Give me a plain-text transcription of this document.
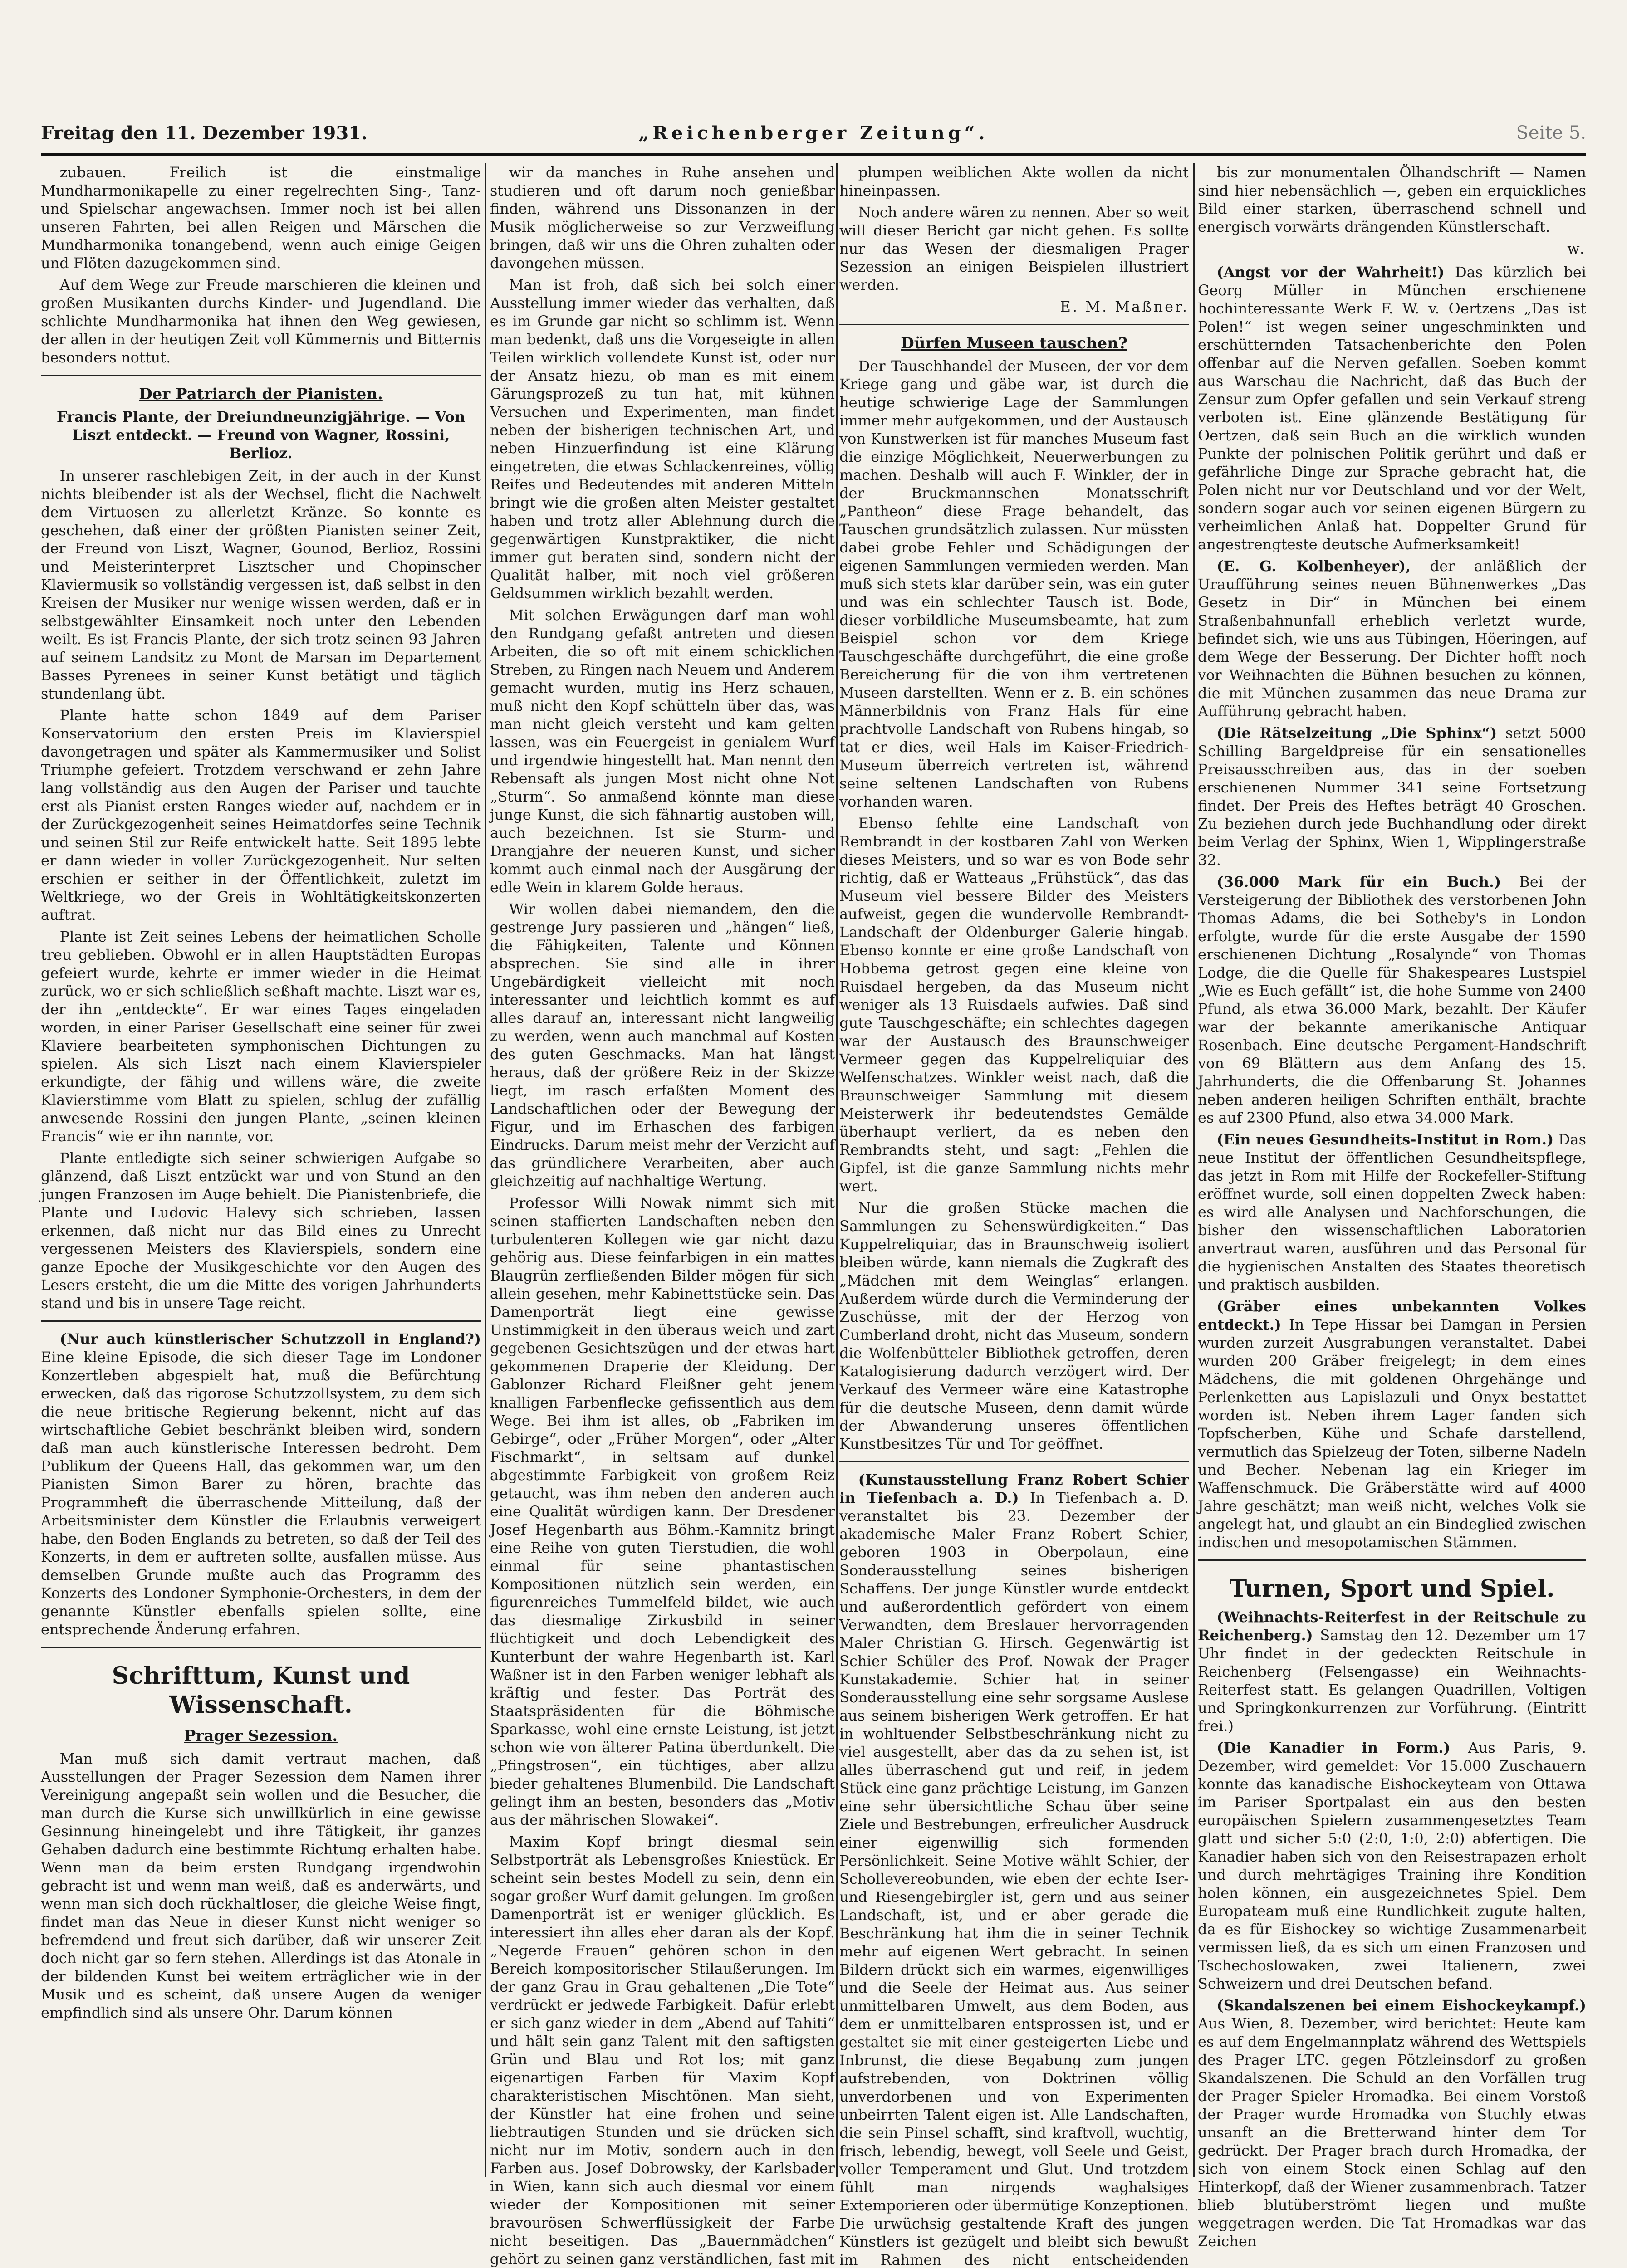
Freitag den 11. Dezember 1931.	„Reichenberger Zeitung“.	Seite 5.

zubauen. Freilich ist die einstmalige Mundharmonikapelle zu einer regelrechten Sing-, Tanz- und Spielschar angewachsen. Immer noch ist bei allen unseren Fahrten, bei allen Reigen und Märschen die Mundharmonika tonangebend, wenn auch einige Geigen und Flöten dazugekommen sind.

Auf dem Wege zur Freude marschieren die kleinen und großen Musikanten durchs Kinder- und Jugendland. Die schlichte Mundharmonika hat ihnen den Weg gewiesen, der allen in der heutigen Zeit voll Kümmernis und Bitternis besonders nottut.

Der Patriarch der Pianisten.
Francis Plante, der Dreiundneunzigjährige. — Von Liszt entdeckt. — Freund von Wagner, Rossini, Berlioz.

In unserer raschlebigen Zeit, in der auch in der Kunst nichts bleibender ist als der Wechsel, flicht die Nachwelt dem Virtuosen zu allerletzt Kränze. So konnte es geschehen, daß einer der größten Pianisten seiner Zeit, der Freund von Liszt, Wagner, Gounod, Berlioz, Rossini und Meisterinterpret Lisztscher und Chopinscher Klaviermusik so vollständig vergessen ist, daß selbst in den Kreisen der Musiker nur wenige wissen werden, daß er in selbstgewählter Einsamkeit noch unter den Lebenden weilt. Es ist Francis Plante, der sich trotz seinen 93 Jahren auf seinem Landsitz zu Mont de Marsan im Departement Basses Pyrenees in seiner Kunst betätigt und täglich stundenlang übt.

Plante hatte schon 1849 auf dem Pariser Konservatorium den ersten Preis im Klavierspiel davongetragen und später als Kammermusiker und Solist Triumphe gefeiert. Trotzdem verschwand er zehn Jahre lang vollständig aus den Augen der Pariser und tauchte erst als Pianist ersten Ranges wieder auf, nachdem er in der Zurückgezogenheit seines Heimatdorfes seine Technik und seinen Stil zur Reife entwickelt hatte. Seit 1895 lebte er dann wieder in voller Zurückgezogenheit. Nur selten erschien er seither in der Öffentlichkeit, zuletzt im Weltkriege, wo der Greis in Wohltätigkeitskonzerten auftrat.

Plante ist Zeit seines Lebens der heimatlichen Scholle treu geblieben. Obwohl er in allen Hauptstädten Europas gefeiert wurde, kehrte er immer wieder in die Heimat zurück, wo er sich schließlich seßhaft machte. Liszt war es, der ihn „entdeckte“. Er war eines Tages eingeladen worden, in einer Pariser Gesellschaft eine seiner für zwei Klaviere bearbeiteten symphonischen Dichtungen zu spielen. Als sich Liszt nach einem Klavierspieler erkundigte, der fähig und willens wäre, die zweite Klavierstimme vom Blatt zu spielen, schlug der zufällig anwesende Rossini den jungen Plante, „seinen kleinen Francis“ wie er ihn nannte, vor.

Plante entledigte sich seiner schwierigen Aufgabe so glänzend, daß Liszt entzückt war und von Stund an den jungen Franzosen im Auge behielt. Die Pianistenbriefe, die Plante und Ludovic Halevy sich schrieben, lassen erkennen, daß nicht nur das Bild eines zu Unrecht vergessenen Meisters des Klavierspiels, sondern eine ganze Epoche der Musikgeschichte vor den Augen des Lesers ersteht, die um die Mitte des vorigen Jahrhunderts stand und bis in unsere Tage reicht.

(Nur auch künstlerischer Schutzzoll in England?) Eine kleine Episode, die sich dieser Tage im Londoner Konzertleben abgespielt hat, muß die Befürchtung erwecken, daß das rigorose Schutzzollsystem, zu dem sich die neue britische Regierung bekennt, nicht auf das wirtschaftliche Gebiet beschränkt bleiben wird, sondern daß man auch künstlerische Interessen bedroht. Dem Publikum der Queens Hall, das gekommen war, um den Pianisten Simon Barer zu hören, brachte das Programmheft die überraschende Mitteilung, daß der Arbeitsminister dem Künstler die Erlaubnis verweigert habe, den Boden Englands zu betreten, so daß der Teil des Konzerts, in dem er auftreten sollte, ausfallen müsse. Aus demselben Grunde mußte auch das Programm des Konzerts des Londoner Symphonie-Orchesters, in dem der genannte Künstler ebenfalls spielen sollte, eine entsprechende Änderung erfahren.

Schrifttum, Kunst und Wissenschaft.
Prager Sezession.

Man muß sich damit vertraut machen, daß Ausstellungen der Prager Sezession dem Namen ihrer Vereinigung angepaßt sein wollen und die Besucher, die man durch die Kurse sich unwillkürlich in eine gewisse Gesinnung hineingelebt und ihre Tätigkeit, ihr ganzes Gehaben dadurch eine bestimmte Richtung erhalten habe. Wenn man da beim ersten Rundgang irgendwohin gebracht ist und wenn man weiß, daß es anderwärts, und wenn man sich doch rückhaltloser, die gleiche Weise fingt, findet man das Neue in dieser Kunst nicht weniger so befremdend und freut sich darüber, daß wir unserer Zeit doch nicht gar so fern stehen. Allerdings ist das Atonale in der bildenden Kunst bei weitem erträglicher wie in der Musik und es scheint, daß unsere Augen da weniger empfindlich sind als unsere Ohr. Darum können

wir da manches in Ruhe ansehen und studieren und oft darum noch genießbar finden, während uns Dissonanzen in der Musik möglicherweise so zur Verzweiflung bringen, daß wir uns die Ohren zuhalten oder davongehen müssen.

Man ist froh, daß sich bei solch einer Ausstellung immer wieder das verhalten, daß es im Grunde gar nicht so schlimm ist. Wenn man bedenkt, daß uns die Vorgeseigte in allen Teilen wirklich vollendete Kunst ist, oder nur der Ansatz hiezu, ob man es mit einem Gärungsprozeß zu tun hat, mit kühnen Versuchen und Experimenten, man findet neben der bisherigen technischen Art, und neben Hinzuerfindung ist eine Klärung eingetreten, die etwas Schlackenreines, völlig Reifes und Bedeutendes mit anderen Mitteln bringt wie die großen alten Meister gestaltet haben und trotz aller Ablehnung durch die gegenwärtigen Kunstpraktiker, die nicht immer gut beraten sind, sondern nicht der Qualität halber, mit noch viel größeren Geldsummen wirklich bezahlt werden.

Mit solchen Erwägungen darf man wohl den Rundgang gefaßt antreten und diesen Arbeiten, die so oft mit einem schicklichen Streben, zu Ringen nach Neuem und Anderem gemacht wurden, mutig ins Herz schauen, muß nicht den Kopf schütteln über das, was man nicht gleich versteht und kam gelten lassen, was ein Feuergeist in genialem Wurf und irgendwie hingestellt hat. Man nennt den Rebensaft als jungen Most nicht ohne Not „Sturm“. So anmaßend könnte man diese junge Kunst, die sich fähnartig austoben will, auch bezeichnen. Ist sie Sturm- und Drangjahre der neueren Kunst, und sicher kommt auch einmal nach der Ausgärung der edle Wein in klarem Golde heraus.

Wir wollen dabei niemandem, den die gestrenge Jury passieren und „hängen“ ließ, die Fähigkeiten, Talente und Können absprechen. Sie sind alle in ihrer Ungebärdigkeit vielleicht mit noch interessanter und leichtlich kommt es auf alles darauf an, interessant nicht langweilig zu werden, wenn auch manchmal auf Kosten des guten Geschmacks. Man hat längst heraus, daß der größere Reiz in der Skizze liegt, im rasch erfaßten Moment des Landschaftlichen oder der Bewegung der Figur, und im Erhaschen des farbigen Eindrucks. Darum meist mehr der Verzicht auf das gründlichere Verarbeiten, aber auch gleichzeitig auf nachhaltige Wertung.

Professor Willi Nowak nimmt sich mit seinen staffierten Landschaften neben den turbulenteren Kollegen wie gar nicht dazu gehörig aus. Diese feinfarbigen in ein mattes Blaugrün zerfließenden Bilder mögen für sich allein gesehen, mehr Kabinettstücke sein. Das Damenporträt liegt eine gewisse Unstimmigkeit in den überaus weich und zart gegebenen Gesichtszügen und der etwas hart gekommenen Draperie der Kleidung. Der Gablonzer Richard Fleißner geht jenem knalligen Farbenflecke gefissentlich aus dem Wege. Bei ihm ist alles, ob „Fabriken im Gebirge“, oder „Früher Morgen“, oder „Alter Fischmarkt“, in seltsam auf dunkel abgestimmte Farbigkeit von großem Reiz getaucht, was ihm neben den anderen auch eine Qualität würdigen kann. Der Dresdener Josef Hegenbarth aus Böhm.-Kamnitz bringt eine Reihe von guten Tierstudien, die wohl einmal für seine phantastischen Kompositionen nützlich sein werden, ein figurenreiches Tummelfeld bildet, wie auch das diesmalige Zirkusbild in seiner flüchtigkeit und doch Lebendigkeit des Kunterbunt der wahre Hegenbarth ist. Karl Waßner ist in den Farben weniger lebhaft als kräftig und fester. Das Porträt des Staatspräsidenten für die Böhmische Sparkasse, wohl eine ernste Leistung, ist jetzt schon wie von älterer Patina überdunkelt. Die „Pfingstrosen“, ein tüchtiges, aber allzu bieder gehaltenes Blumenbild. Die Landschaft gelingt ihm an besten, besonders das „Motiv aus der mährischen Slowakei“.

Maxim Kopf bringt diesmal sein Selbstporträt als Lebensgroßes Kniestück. Er scheint sein bestes Modell zu sein, denn ein sogar großer Wurf damit gelungen. Im großen Damenporträt ist er weniger glücklich. Es interessiert ihn alles eher daran als der Kopf. „Negerde Frauen“ gehören schon in den Bereich kompositorischer Stilaußerungen. Im der ganz Grau in Grau gehaltenen „Die Tote“ verdrückt er jedwede Farbigkeit. Dafür erlebt er sich ganz wieder in dem „Abend auf Tahiti“ und hält sein ganz Talent mit den saftigsten Grün und Blau und Rot los; mit ganz eigenartigen Farben für Maxim Kopf charakteristischen Mischtönen. Man sieht, der Künstler hat eine frohen und seine liebtrautigen Stunden und sie drücken sich nicht nur im Motiv, sondern auch in den Farben aus. Josef Dobrowsky, der Karlsbader in Wien, kann sich auch diesmal vor einem wieder der Kompositionen mit seiner bravourösen Schwerflüssigkeit der Farbe nicht beseitigen. Das „Bauernmädchen“ gehört zu seinen ganz verständlichen, fast mit

plumpen weiblichen Akte wollen da nicht hineinpassen.

Noch andere wären zu nennen. Aber so weit will dieser Bericht gar nicht gehen. Es sollte nur das Wesen der diesmaligen Prager Sezession an einigen Beispielen illustriert werden.

E. M. Maßner.
Dürfen Museen tauschen?

Der Tauschhandel der Museen, der vor dem Kriege gang und gäbe war, ist durch die heutige schwierige Lage der Sammlungen immer mehr aufgekommen, und der Austausch von Kunstwerken ist für manches Museum fast die einzige Möglichkeit, Neuerwerbungen zu machen. Deshalb will auch F. Winkler, der in der Bruckmannschen Monatsschrift „Pantheon“ diese Frage behandelt, das Tauschen grundsätzlich zulassen. Nur müssten dabei grobe Fehler und Schädigungen der eigenen Sammlungen vermieden werden. Man muß sich stets klar darüber sein, was ein guter und was ein schlechter Tausch ist. Bode, dieser vorbildliche Museumsbeamte, hat zum Beispiel schon vor dem Kriege Tauschgeschäfte durchgeführt, die eine große Bereicherung für die von ihm vertretenen Museen darstellten. Wenn er z. B. ein schönes Männerbildnis von Franz Hals für eine prachtvolle Landschaft von Rubens hingab, so tat er dies, weil Hals im Kaiser-Friedrich-Museum überreich vertreten ist, während seine seltenen Landschaften von Rubens vorhanden waren.

Ebenso fehlte eine Landschaft von Rembrandt in der kostbaren Zahl von Werken dieses Meisters, und so war es von Bode sehr richtig, daß er Watteaus „Frühstück“, das das Museum viel bessere Bilder des Meisters aufweist, gegen die wundervolle Rembrandt-Landschaft der Oldenburger Galerie hingab. Ebenso konnte er eine große Landschaft von Hobbema getrost gegen eine kleine von Ruisdael hergeben, da das Museum nicht weniger als 13 Ruisdaels aufwies. Daß sind gute Tauschgeschäfte; ein schlechtes dagegen war der Austausch des Braunschweiger Vermeer gegen das Kuppelreliquiar des Welfenschatzes. Winkler weist nach, daß die Braunschweiger Sammlung mit diesem Meisterwerk ihr bedeutendstes Gemälde überhaupt verliert, da es neben den Rembrandts steht, und sagt: „Fehlen die Gipfel, ist die ganze Sammlung nichts mehr wert.

Nur die großen Stücke machen die Sammlungen zu Sehenswürdigkeiten.“ Das Kuppelreliquiar, das in Braunschweig isoliert bleiben würde, kann niemals die Zugkraft des „Mädchen mit dem Weinglas“ erlangen. Außerdem würde durch die Verminderung der Zuschüsse, mit der der Herzog von Cumberland droht, nicht das Museum, sondern die Wolfenbütteler Bibliothek getroffen, deren Katalogisierung dadurch verzögert wird. Der Verkauf des Vermeer wäre eine Katastrophe für die deutsche Museen, denn damit würde der Abwanderung unseres öffentlichen Kunstbesitzes Tür und Tor geöffnet.

(Kunstausstellung Franz Robert Schier in Tiefenbach a. D.) In Tiefenbach a. D. veranstaltet bis 23. Dezember der akademische Maler Franz Robert Schier, geboren 1903 in Oberpolaun, eine Sonderausstellung seines bisherigen Schaffens. Der junge Künstler wurde entdeckt und außerordentlich gefördert von einem Verwandten, dem Breslauer hervorragenden Maler Christian G. Hirsch. Gegenwärtig ist Schier Schüler des Prof. Nowak der Prager Kunstakademie. Schier hat in seiner Sonderausstellung eine sehr sorgsame Auslese aus seinem bisherigen Werk getroffen. Er hat in wohltuender Selbstbeschränkung nicht zu viel ausgestellt, aber das da zu sehen ist, ist alles überraschend gut und reif, in jedem Stück eine ganz prächtige Leistung, im Ganzen eine sehr übersichtliche Schau über seine Ziele und Bestrebungen, erfreulicher Ausdruck einer eigenwillig sich formenden Persönlichkeit. Seine Motive wählt Schier, der Schollevereobunden, wie eben der echte Iser- und Riesengebirgler ist, gern und aus seiner Landschaft, ist, und er aber gerade die Beschränkung hat ihm die in seiner Technik mehr auf eigenen Wert gebracht. In seinen Bildern drückt sich ein warmes, eigenwilliges und die Seele der Heimat aus. Aus seiner unmittelbaren Umwelt, aus dem Boden, aus dem er unmittelbaren entsprossen ist, und er gestaltet sie mit einer gesteigerten Liebe und Inbrunst, die diese Begabung zum jungen aufstrebenden, von Doktrinen völlig unverdorbenen und von Experimenten unbeirrten Talent eigen ist. Alle Landschaften, die sein Pinsel schafft, sind kraftvoll, wuchtig, frisch, lebendig, bewegt, voll Seele und Geist, voller Temperament und Glut. Und trotzdem fühlt man nirgends waghalsiges Extemporieren oder übermütige Konzeptionen. Die urwüchsig gestaltende Kraft des jungen Künstlers ist gezügelt und bleibt sich bewußt im Rahmen des nicht entscheidenden

bis zur monumentalen Ölhandschrift — Namen sind hier nebensächlich —, geben ein erquickliches Bild einer starken, überraschend schnell und energisch vorwärts drängenden Künstlerschaft.

w.

(Angst vor der Wahrheit!) Das kürzlich bei Georg Müller in München erschienene hochinteressante Werk F. W. v. Oertzens „Das ist Polen!“ ist wegen seiner ungeschminkten und erschütternden Tatsachenberichte den Polen offenbar auf die Nerven gefallen. Soeben kommt aus Warschau die Nachricht, daß das Buch der Zensur zum Opfer gefallen und sein Verkauf streng verboten ist. Eine glänzende Bestätigung für Oertzen, daß sein Buch an die wirklich wunden Punkte der polnischen Politik gerührt und daß er gefährliche Dinge zur Sprache gebracht hat, die Polen nicht nur vor Deutschland und vor der Welt, sondern sogar auch vor seinen eigenen Bürgern zu verheimlichen Anlaß hat. Doppelter Grund für angestrengteste deutsche Aufmerksamkeit!

(E. G. Kolbenheyer), der anläßlich der Uraufführung seines neuen Bühnenwerkes „Das Gesetz in Dir“ in München bei einem Straßenbahnunfall erheblich verletzt wurde, befindet sich, wie uns aus Tübingen, Höeringen, auf dem Wege der Besserung. Der Dichter hofft noch vor Weihnachten die Bühnen besuchen zu können, die mit München zusammen das neue Drama zur Aufführung gebracht haben.

(Die Rätselzeitung „Die Sphinx“) setzt 5000 Schilling Bargeldpreise für ein sensationelles Preisausschreiben aus, das in der soeben erschienenen Nummer 341 seine Fortsetzung findet. Der Preis des Heftes beträgt 40 Groschen. Zu beziehen durch jede Buchhandlung oder direkt beim Verlag der Sphinx, Wien 1, Wipplingerstraße 32.

(36.000 Mark für ein Buch.) Bei der Versteigerung der Bibliothek des verstorbenen John Thomas Adams, die bei Sotheby's in London erfolgte, wurde für die erste Ausgabe der 1590 erschienenen Dichtung „Rosalynde“ von Thomas Lodge, die die Quelle für Shakespeares Lustspiel „Wie es Euch gefällt“ ist, die hohe Summe von 2400 Pfund, als etwa 36.000 Mark, bezahlt. Der Käufer war der bekannte amerikanische Antiquar Rosenbach. Eine deutsche Pergament-Handschrift von 69 Blättern aus dem Anfang des 15. Jahrhunderts, die die Offenbarung St. Johannes neben anderen heiligen Schriften enthält, brachte es auf 2300 Pfund, also etwa 34.000 Mark.

(Ein neues Gesundheits-Institut in Rom.) Das neue Institut der öffentlichen Gesundheitspflege, das jetzt in Rom mit Hilfe der Rockefeller-Stiftung eröffnet wurde, soll einen doppelten Zweck haben: es wird alle Analysen und Nachforschungen, die bisher den wissenschaftlichen Laboratorien anvertraut waren, ausführen und das Personal für die hygienischen Anstalten des Staates theoretisch und praktisch ausbilden.

(Gräber eines unbekannten Volkes entdeckt.) In Tepe Hissar bei Damgan in Persien wurden zurzeit Ausgrabungen veranstaltet. Dabei wurden 200 Gräber freigelegt; in dem eines Mädchens, die mit goldenen Ohrgehänge und Perlenketten aus Lapislazuli und Onyx bestattet worden ist. Neben ihrem Lager fanden sich Topfscherben, Kühe und Schafe darstellend, vermutlich das Spielzeug der Toten, silberne Nadeln und Becher. Nebenan lag ein Krieger im Waffenschmuck. Die Gräberstätte wird auf 4000 Jahre geschätzt; man weiß nicht, welches Volk sie angelegt hat, und glaubt an ein Bindeglied zwischen indischen und mesopotamischen Stämmen.

Turnen, Sport und Spiel.

(Weihnachts-Reiterfest in der Reitschule zu Reichenberg.) Samstag den 12. Dezember um 17 Uhr findet in der gedeckten Reitschule in Reichenberg (Felsengasse) ein Weihnachts-Reiterfest statt. Es gelangen Quadrillen, Voltigen und Springkonkurrenzen zur Vorführung. (Eintritt frei.)

(Die Kanadier in Form.) Aus Paris, 9. Dezember, wird gemeldet: Vor 15.000 Zuschauern konnte das kanadische Eishockeyteam von Ottawa im Pariser Sportpalast ein aus den besten europäischen Spielern zusammengesetztes Team glatt und sicher 5:0 (2:0, 1:0, 2:0) abfertigen. Die Kanadier haben sich von den Reisestrapazen erholt und durch mehrtägiges Training ihre Kondition holen können, ein ausgezeichnetes Spiel. Dem Europateam muß eine Rundlichkeit zugute halten, da es für Eishockey so wichtige Zusammenarbeit vermissen ließ, da es sich um einen Franzosen und Tschechoslowaken, zwei Italienern, zwei Schweizern und drei Deutschen befand.

(Skandalszenen bei einem Eishockeykampf.) Aus Wien, 8. Dezember, wird berichtet: Heute kam es auf dem Engelmannplatz während des Wettspiels des Prager LTC. gegen Pötzleinsdorf zu großen Skandalszenen. Die Schuld an den Vorfällen trug der Prager Spieler Hromadka. Bei einem Vorstoß der Prager wurde Hromadka von Stuchly etwas unsanft an die Bretterwand hinter dem Tor gedrückt. Der Prager brach durch Hromadka, der sich von einem Stock einen Schlag auf den Hinterkopf, daß der Wiener zusammenbrach. Tatzer blieb blutüberströmt liegen und mußte weggetragen werden. Die Tat Hromadkas war das Zeichen
